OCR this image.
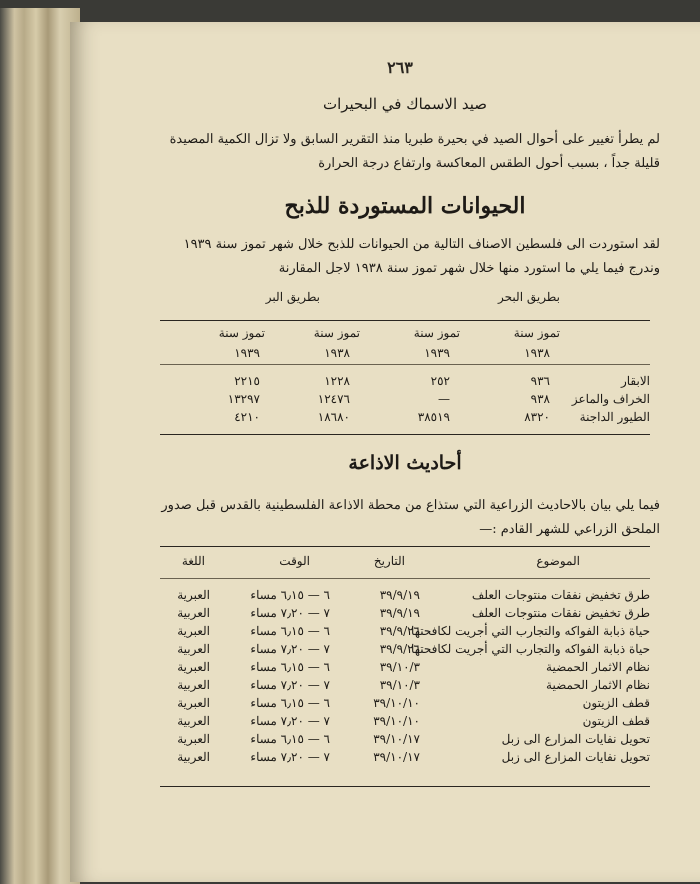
٢٦٣
صيد الاسماك في البحيرات
لم يطرأ تغيير على أحوال الصيد في بحيرة طبريا منذ التقرير السابق ولا تزال الكمية المصيدة
قليلة جداً ، بسبب أحول الطقس المعاكسة وارتفاع درجة الحرارة
الحيوانات المستوردة للذبح
لقد استوردت الى فلسطين الاصناف التالية من الحيوانات للذبح خلال شهر تموز سنة ١٩٣٩
وندرج فيما يلي ما استورد منها خلال شهر تموز سنة ١٩٣٨ لاجل المقارنة
بطريق البحر
بطريق البر
تموز سنة
تموز سنة
تموز سنة
تموز سنة
١٩٣٨
١٩٣٩
١٩٣٨
١٩٣٩
الابقار
٩٣٦
٢٥٢
١٢٢٨
٢٢١٥
الخراف والماعز
٩٣٨
—
١٢٤٧٦
١٣٢٩٧
الطيور الداجنة
٨٣٢٠
٣٨٥١٩
١٨٦٨٠
٤٢١٠
أحاديث الاذاعة
فيما يلي بيان بالاحاديث الزراعية التي ستذاع من محطة الاذاعة الفلسطينية بالقدس قبل صدور
الملحق الزراعي للشهر القادم :—
الموضوع
التاريخ
الوقت
اللغة
طرق تخفيض نفقات منتوجات العلف
٣٩/٩/١٩
٦ — ٦٫١٥ مساء
العبرية
طرق تخفيض نفقات منتوجات العلف
٣٩/٩/١٩
٧ — ٧٫٢٠ مساء
العربية
حياة ذبابة الفواكه والتجارب التي أجريت لكافحتها
٣٩/٩/٢٦
٦ — ٦٫١٥ مساء
العبرية
حياة ذبابة الفواكه والتجارب التي أجريت لكافحتها
٣٩/٩/٢٦
٧ — ٧٫٢٠ مساء
العربية
نظام الاثمار الحمضية
٣٩/١٠/٣
٦ — ٦٫١٥ مساء
العبرية
نظام الاثمار الحمضية
٣٩/١٠/٣
٧ — ٧٫٢٠ مساء
العربية
قطف الزيتون
٣٩/١٠/١٠
٦ — ٦٫١٥ مساء
العبرية
قطف الزيتون
٣٩/١٠/١٠
٧ — ٧٫٢٠ مساء
العربية
تحويل نفايات المزارع الى زبل
٣٩/١٠/١٧
٦ — ٦٫١٥ مساء
العبرية
تحويل نفايات المزارع الى زبل
٣٩/١٠/١٧
٧ — ٧٫٢٠ مساء
العربية
